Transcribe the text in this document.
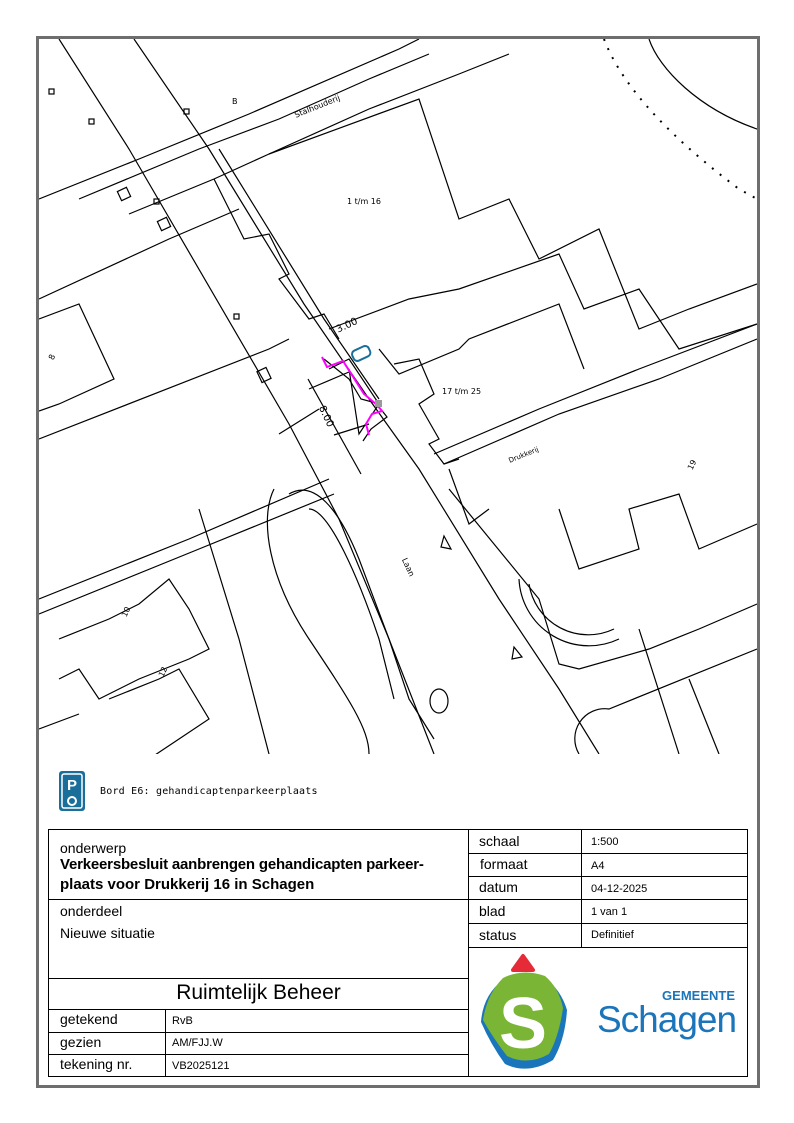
Stalhouderij
1 t/m 16
17 t/m 25
Drukkerij
Laan
B
8
10
12
19
3.00
8.00
P Bord E6: gehandicaptenparkeerplaats
onderwerp
Verkeersbesluit aanbrengen gehandicapten parkeer-
plaats voor Drukkerij 16 in Schagen
onderdeel
Nieuwe situatie
Ruimtelijk Beheer
getekend	RvB
gezien	AM/FJJ.W
tekening nr.	VB2025121
schaal	1:500
formaat	A4
datum	04-12-2025
blad	1 van 1
status	Definitief
S	GEMEENTE
Schagen
